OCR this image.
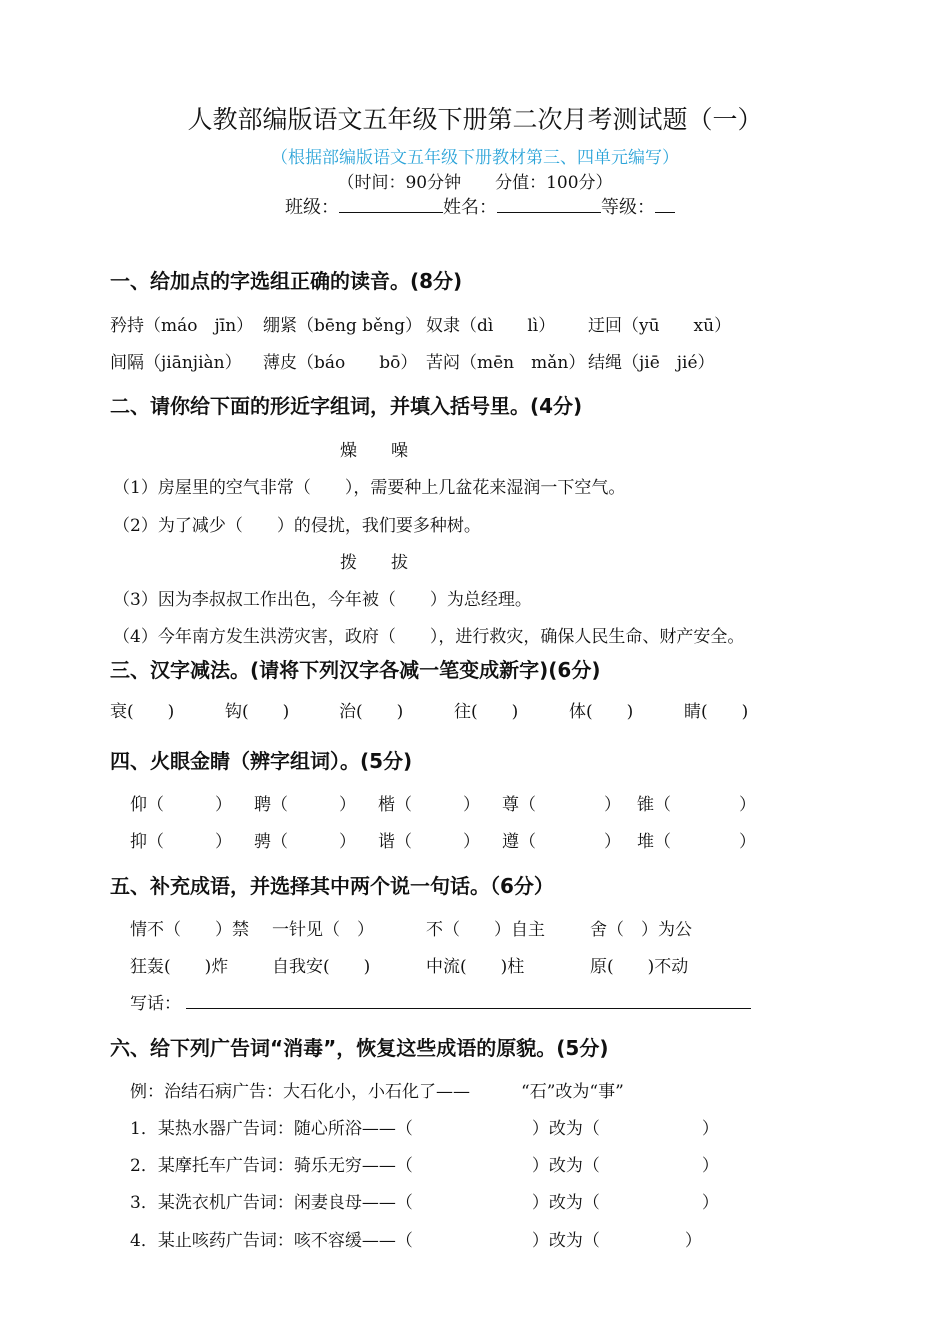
人教部编版语文五年级下册第二次月考测试题（一）
（根据部编版语文五年级下册教材第三、四单元编写）
（时间：90分钟　　分值：100分）
班级：	姓名：	等级：
一、给加点的字选组正确的读音。(8分)
矜持（máo　jīn） 绷紧（bēng běng） 奴隶（dì　　lì） 迂回（yū　　xū）
间隔（jiānjiàn） 薄皮（báo　　bō） 苦闷（mēn　mǎn） 结绳（jiē　jié）
二、请你给下面的形近字组词，并填入括号里。(4分)
燥　　噪
（1）房屋里的空气非常（　　），需要种上几盆花来湿润一下空气。
（2）为了减少（　　）的侵扰，我们要多种树。
拨　　拔
（3）因为李叔叔工作出色，今年被（　　）为总经理。
（4）今年南方发生洪涝灾害，政府（　　），进行救灾，确保人民生命、财产安全。
三、汉字减法。(请将下列汉字各减一笔变成新字)(6分)
衰(　　)	钩(　　)	治(　　)	往(　　)	体(　　)	睛(　　)
四、火眼金睛（辨字组词）。(5分)
仰（　　　） 聘（　　　） 楷（　　　） 尊（　　　　） 锥（　　　　）
抑（　　　） 骋（　　　） 谐（　　　） 遵（　　　　） 堆（　　　　）
五、补充成语，并选择其中两个说一句话。（6分）
情不（　　）禁 一针见（　）	不（　　）自主	舍（　）为公
狂轰(　　)炸	自我安(　　)	中流(　　)柱	原(　　)不动
写话：
六、给下列广告词“消毒”，恢复这些成语的原貌。(5分)
例：治结石病广告：大石化小，小石化了——　　　“石”改为“事”
1．某热水器广告词：随心所浴——（　　　　　　　）改为（　　　　　　）
2．某摩托车广告词：骑乐无穷——（　　　　　　　）改为（　　　　　　）
3．某洗衣机广告词：闲妻良母——（　　　　　　　）改为（　　　　　　）
4．某止咳药广告词：咳不容缓——（　　　　　　　）改为（　　　　　）
